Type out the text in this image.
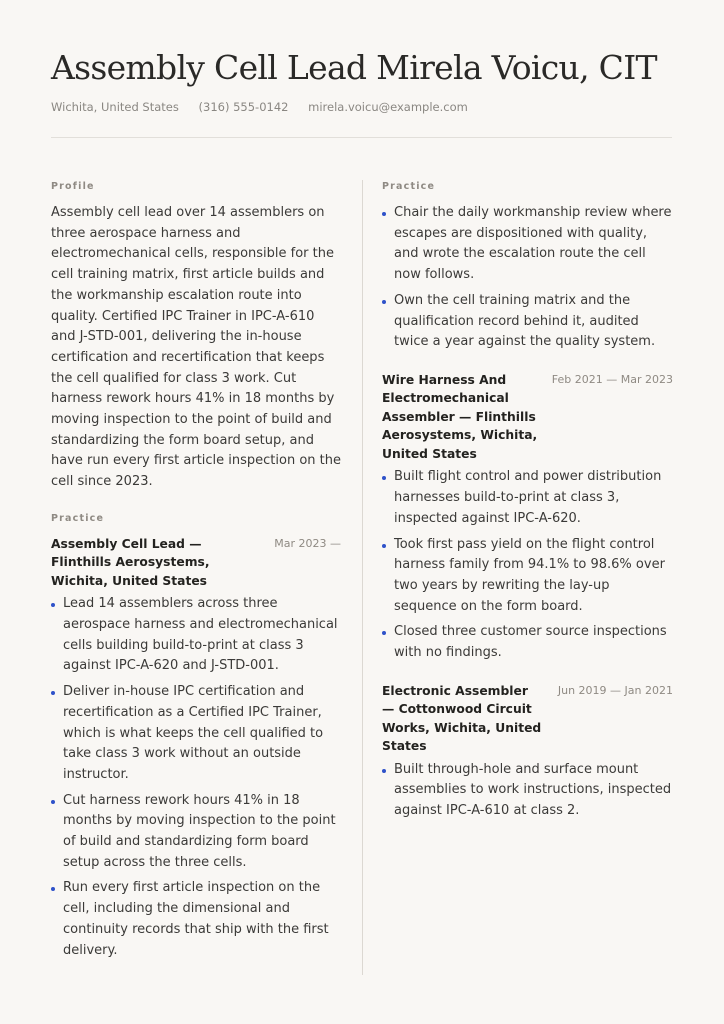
Assembly Cell Lead Mirela Voicu, CIT
Wichita, United States (316) 555-0142 mirela.voicu@example.com
Profile

Assembly cell lead over 14 assemblers on three aerospace harness and electromechanical cells, responsible for the cell training matrix, first article builds and the workmanship escalation route into quality. Certified IPC Trainer in IPC-A-610 and J-STD-001, delivering the in-house certification and recertification that keeps the cell qualified for class 3 work. Cut harness rework hours 41% in 18 months by moving inspection to the point of build and standardizing the form board setup, and have run every first article inspection on the cell since 2023.

Practice
Assembly Cell Lead — Flinthills Aerosystems, Wichita, United States
Mar 2023 —
Lead 14 assemblers across three aerospace harness and electromechanical cells building build-to-print at class 3 against IPC-A-620 and J-STD-001.
Deliver in-house IPC certification and recertification as a Certified IPC Trainer, which is what keeps the cell qualified to take class 3 work without an outside instructor.
Cut harness rework hours 41% in 18 months by moving inspection to the point of build and standardizing form board setup across the three cells.
Run every first article inspection on the cell, including the dimensional and continuity records that ship with the first delivery.
Practice
Chair the daily workmanship review where escapes are dispositioned with quality, and wrote the escalation route the cell now follows.
Own the cell training matrix and the qualification record behind it, audited twice a year against the quality system.
Wire Harness And Electromechanical Assembler — Flinthills Aerosystems, Wichita, United States
Feb 2021 — Mar 2023
Built flight control and power distribution harnesses build-to-print at class 3, inspected against IPC-A-620.
Took first pass yield on the flight control harness family from 94.1% to 98.6% over two years by rewriting the lay-up sequence on the form board.
Closed three customer source inspections with no findings.
Electronic Assembler — Cottonwood Circuit Works, Wichita, United States
Jun 2019 — Jan 2021
Built through-hole and surface mount assemblies to work instructions, inspected against IPC-A-610 at class 2.
